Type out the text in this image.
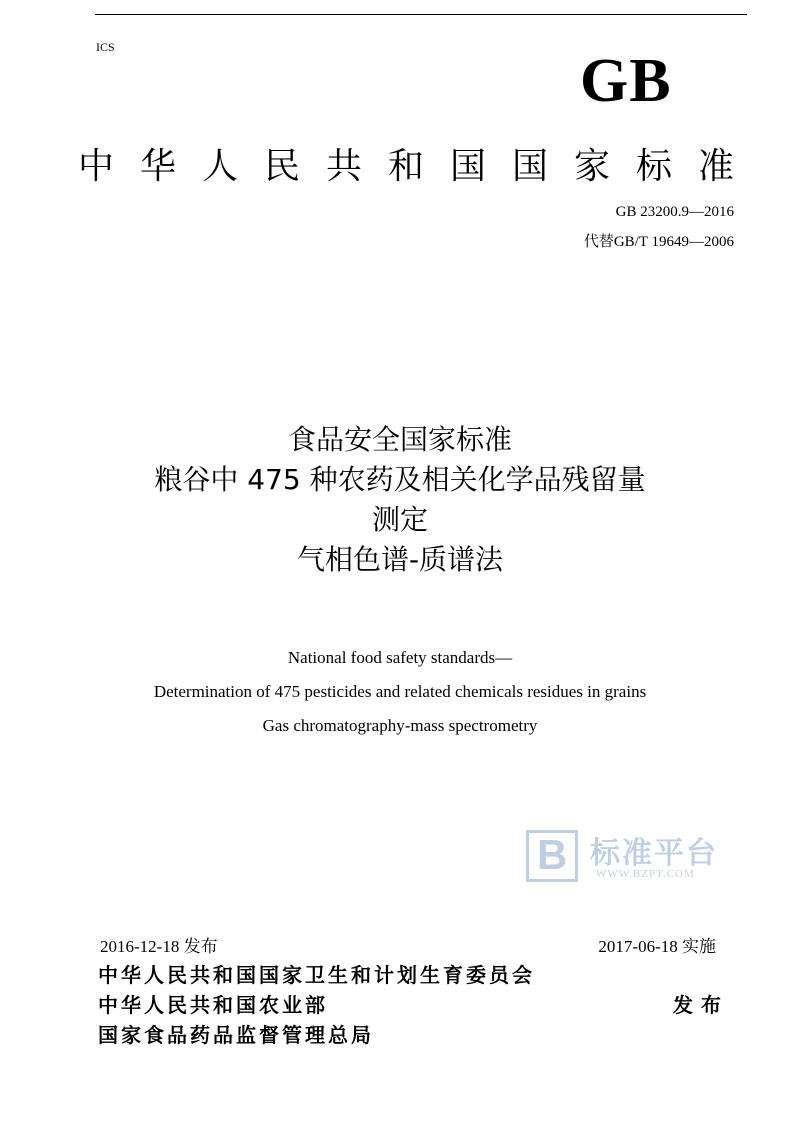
ICS	GB
中华人民共和国国家标准
GB 23200.9—2016
代替GB/T 19649—2006
食品安全国家标准
粮谷中 475 种农药及相关化学品残留量
测定
气相色谱-质谱法
National food safety standards—
Determination of 475 pesticides and related chemicals residues in grains
Gas chromatography-mass spectrometry
B 标准平台
WWW.BZPT.COM
2016-12-18 发布	2017-06-18 实施
中华人民共和国国家卫生和计划生育委员会
中华人民共和国农业部
国家食品药品监督管理总局
发布
